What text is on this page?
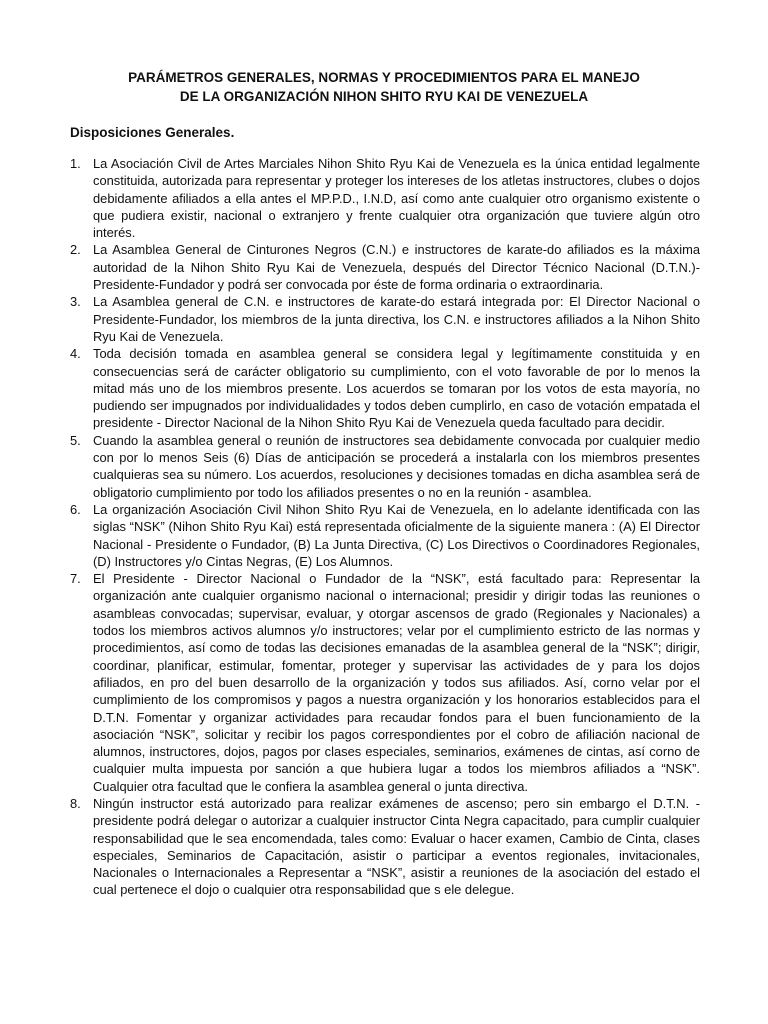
PARÁMETROS GENERALES, NORMAS Y PROCEDIMIENTOS PARA EL MANEJO
DE LA ORGANIZACIÓN NIHON SHITO RYU KAI DE VENEZUELA
Disposiciones Generales.
1. La Asociación Civil de Artes Marciales Nihon Shito Ryu Kai de Venezuela es la única entidad legalmente constituida, autorizada para representar y proteger los intereses de los atletas instructores, clubes o dojos debidamente afiliados a ella antes el MP.P.D., I.N.D, así como ante cualquier otro organismo existente o que pudiera existir, nacional o extranjero y frente cualquier otra organización que tuviere algún otro interés.
2. La Asamblea General de Cinturones Negros (C.N.) e instructores de karate-do afiliados es la máxima autoridad de la Nihon Shito Ryu Kai de Venezuela, después del Director Técnico Nacional (D.T.N.)- Presidente-Fundador y podrá ser convocada por éste de forma ordinaria o extraordinaria.
3. La Asamblea general de C.N. e instructores de karate-do estará integrada por: El Director Nacional o Presidente-Fundador, los miembros de la junta directiva, los C.N. e instructores afiliados a la Nihon Shito Ryu Kai de Venezuela.
4. Toda decisión tomada en asamblea general se considera legal y legítimamente constituida y en consecuencias será de carácter obligatorio su cumplimiento, con el voto favorable de por lo menos la mitad más uno de los miembros presente. Los acuerdos se tomaran por los votos de esta mayoría, no pudiendo ser impugnados por individualidades y todos deben cumplirlo, en caso de votación empatada el presidente - Director Nacional de la Nihon Shito Ryu Kai de Venezuela queda facultado para decidir.
5. Cuando la asamblea general o reunión de instructores sea debidamente convocada por cualquier medio con por lo menos Seis (6) Días de anticipación se procederá a instalarla con los miembros presentes cualquieras sea su número. Los acuerdos, resoluciones y decisiones tomadas en dicha asamblea será de obligatorio cumplimiento por todo los afiliados presentes o no en la reunión - asamblea.
6. La organización Asociación Civil Nihon Shito Ryu Kai de Venezuela, en lo adelante identificada con las siglas “NSK” (Nihon Shito Ryu Kai) está representada oficialmente de la siguiente manera : (A) El Director Nacional - Presidente o Fundador, (B) La Junta Directiva, (C) Los Directivos o Coordinadores Regionales, (D) Instructores y/o Cintas Negras, (E) Los Alumnos.
7. El Presidente - Director Nacional o Fundador de la “NSK”, está facultado para: Representar la organización ante cualquier organismo nacional o internacional; presidir y dirigir todas las reuniones o asambleas convocadas; supervisar, evaluar, y otorgar ascensos de grado (Regionales y Nacionales) a todos los miembros activos alumnos y/o instructores; velar por el cumplimiento estricto de las normas y procedimientos, así como de todas las decisiones emanadas de la asamblea general de la “NSK”; dirigir, coordinar, planificar, estimular, fomentar, proteger y supervisar las actividades de y para los dojos afiliados, en pro del buen desarrollo de la organización y todos sus afiliados. Así, corno velar por el cumplimiento de los compromisos y pagos a nuestra organización y los honorarios establecidos para el D.T.N. Fomentar y organizar actividades para recaudar fondos para el buen funcionamiento de la asociación “NSK”, solicitar y recibir los pagos correspondientes por el cobro de afiliación nacional de alumnos, instructores, dojos, pagos por clases especiales, seminarios, exámenes de cintas, así corno de cualquier multa impuesta por sanción a que hubiera lugar a todos los miembros afiliados a “NSK”. Cualquier otra facultad que le confiera la asamblea general o junta directiva.
8. Ningún instructor está autorizado para realizar exámenes de ascenso; pero sin embargo el D.T.N. - presidente podrá delegar o autorizar a cualquier instructor Cinta Negra capacitado, para cumplir cualquier responsabilidad que le sea encomendada, tales como: Evaluar o hacer examen, Cambio de Cinta, clases especiales, Seminarios de Capacitación, asistir o participar a eventos regionales, invitacionales, Nacionales o Internacionales a Representar a “NSK”, asistir a reuniones de la asociación del estado el cual pertenece el dojo o cualquier otra responsabilidad que s ele delegue.
